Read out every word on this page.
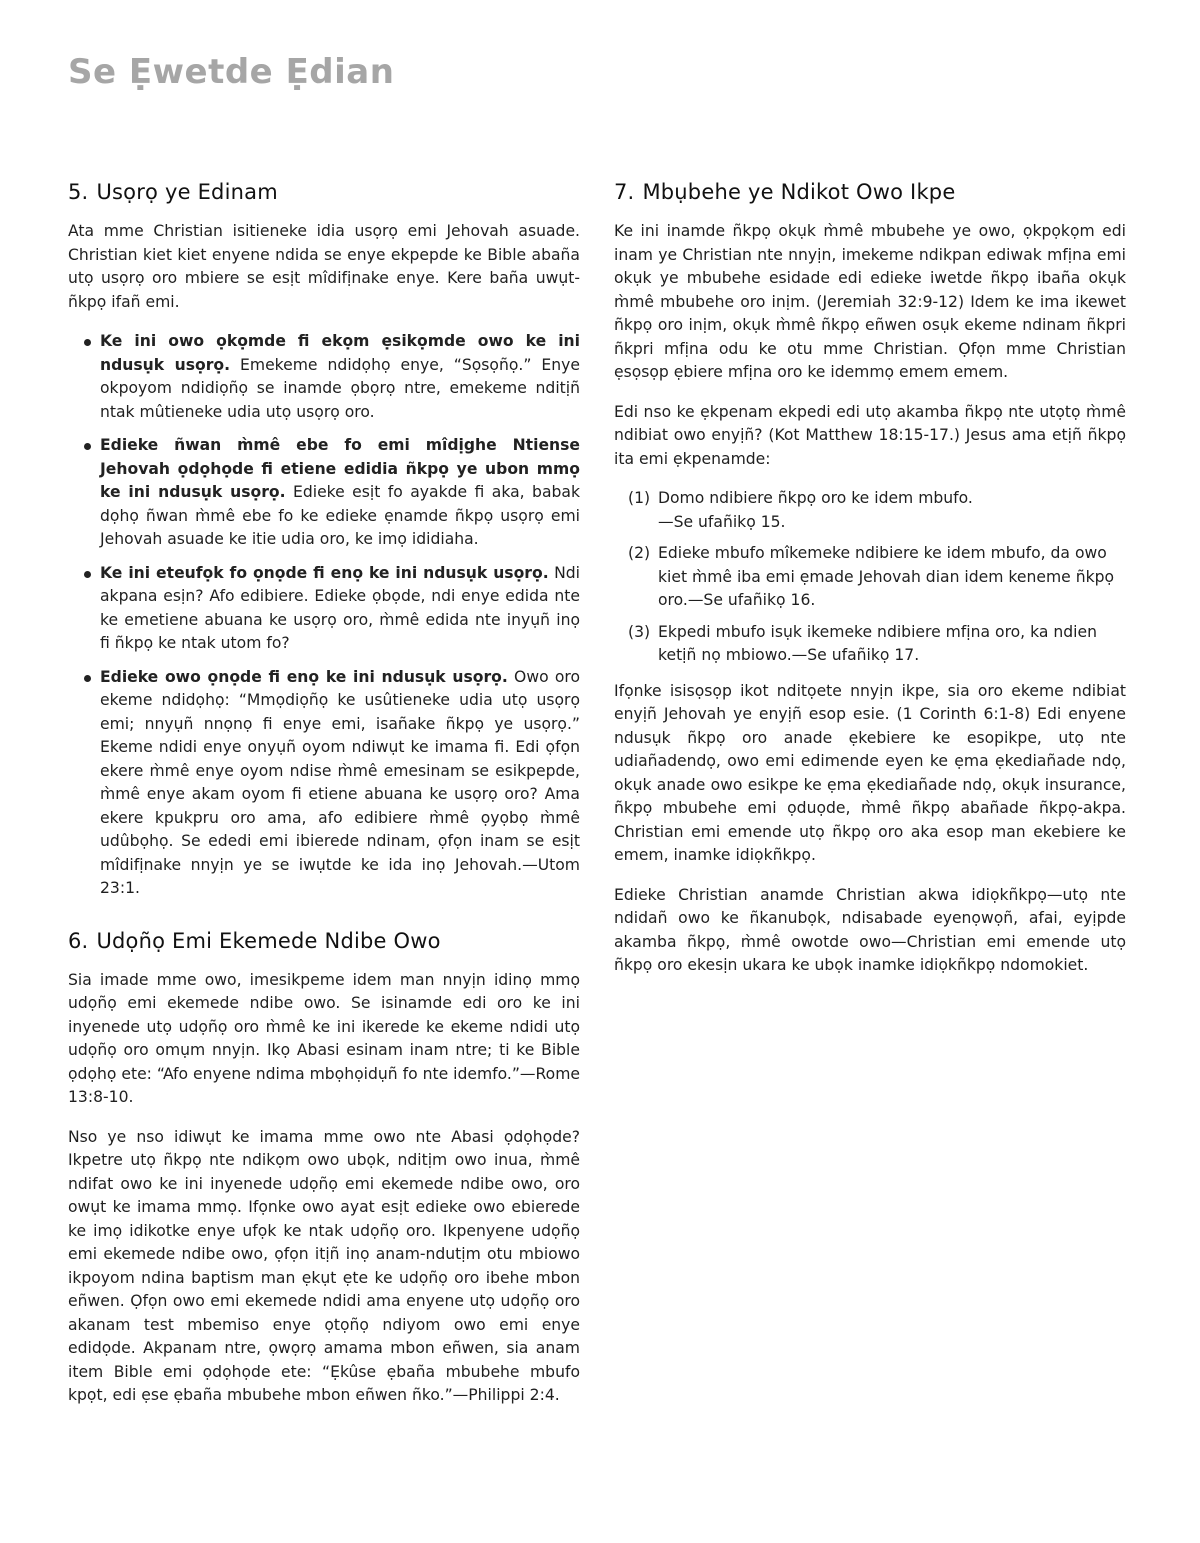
Se Ẹwetde Ẹdian
5. Usọrọ ye Edinam

Ata mme Christian isitieneke idia usọrọ emi Jehovah asuade. Christian kiet kiet enyene ndida se enye ekpepde ke Bible abaña utọ usọrọ oro mbiere se esịt mîdifịnake enye. Kere baña uwụt-ñkpọ ifañ emi.

Ke ini owo ọkọmde fi ekọm ẹsikọmde owo ke ini ndusụk usọrọ. Emekeme ndidọhọ enye, “Sọsọñọ.” Enye okpoyom ndidiọñọ se inamde ọbọrọ ntre, emekeme nditịñ ntak mûtieneke udia utọ usọrọ oro.
Edieke ñwan m̀mê ebe fo emi mîdịghe Ntiense Jehovah ọdọhọde fi etiene edidia ñkpọ ye ubon mmọ ke ini ndusụk usọrọ. Edieke esịt fo ayakde fi aka, babak dọhọ ñwan m̀mê ebe fo ke edieke ẹnamde ñkpọ usọrọ emi Jehovah asuade ke itie udia oro, ke imọ ididiaha.
Ke ini eteufọk fo ọnọde fi enọ ke ini ndusụk usọrọ. Ndi akpana esịn? Afo edibiere. Edieke ọbọde, ndi enye edida nte ke emetiene abuana ke usọrọ oro, m̀mê edida nte inyụñ inọ fi ñkpọ ke ntak utom fo?
Edieke owo ọnọde fi enọ ke ini ndusụk usọrọ. Owo oro ekeme ndidọhọ: “Mmọdiọñọ ke usûtieneke udia utọ usọrọ emi; nnyụñ nnọnọ fi enye emi, isañake ñkpọ ye usọrọ.” Ekeme ndidi enye onyụñ oyom ndiwụt ke imama fi. Edi ọfọn ekere m̀mê enye oyom ndise m̀mê emesinam se esikpepde, m̀mê enye akam oyom fi etiene abuana ke usọrọ oro? Ama ekere kpukpru oro ama, afo edibiere m̀mê ọyọbọ m̀mê udûbọhọ. Se ededi emi ibierede ndinam, ọfọn inam se esịt mîdifịnake nnyịn ye se iwụtde ke ida inọ Jehovah.—Utom 23:1.
6. Udọñọ Emi Ekemede Ndibe Owo

Sia imade mme owo, imesikpeme idem man nnyịn idinọ mmọ udọñọ emi ekemede ndibe owo. Se isinamde edi oro ke ini inyenede utọ udọñọ oro m̀mê ke ini ikerede ke ekeme ndidi utọ udọñọ oro omụm nnyịn. Ikọ Abasi esinam inam ntre; ti ke Bible ọdọhọ ete: “Afo enyene ndima mbọhọidụñ fo nte idemfo.”—Rome 13:8-10.

Nso ye nso idiwụt ke imama mme owo nte Abasi ọdọhọde? Ikpetre utọ ñkpọ nte ndikọm owo ubọk, nditịm owo inua, m̀mê ndifat owo ke ini inyenede udọñọ emi ekemede ndibe owo, oro owụt ke imama mmọ. Ifọnke owo ayat esịt edieke owo ebierede ke imọ idikotke enye ufọk ke ntak udọñọ oro. Ikpenyene udọñọ emi ekemede ndibe owo, ọfọn itịñ inọ anam-ndutịm otu mbiowo ikpoyom ndina baptism man ẹkụt ẹte ke udọñọ oro ibehe mbon eñwen. Ọfọn owo emi ekemede ndidi ama enyene utọ udọñọ oro akanam test mbemiso enye ọtọñọ ndiyom owo emi enye edidọde. Akpanam ntre, ọwọrọ amama mbon eñwen, sia anam item Bible emi ọdọhọde ete: “Ẹkûse ẹbaña mbubehe mbufo kpọt, edi ẹse ẹbaña mbubehe mbon eñwen ñko.”—Philippi 2:4.

7. Mbụbehe ye Ndikot Owo Ikpe

Ke ini inamde ñkpọ okụk m̀mê mbubehe ye owo, ọkpọkọm edi inam ye Christian nte nnyịn, imekeme ndikpan ediwak mfịna emi okụk ye mbubehe esidade edi edieke iwetde ñkpọ ibaña okụk m̀mê mbubehe oro inịm. (Jeremiah 32:9-12) Idem ke ima ikewet ñkpọ oro inịm, okụk m̀mê ñkpọ eñwen osụk ekeme ndinam ñkpri ñkpri mfịna odu ke otu mme Christian. Ọfọn mme Christian ẹsọsọp ẹbiere mfịna oro ke idemmọ emem emem.

Edi nso ke ẹkpenam ekpedi edi utọ akamba ñkpọ nte utọtọ m̀mê ndibiat owo enyịñ? (Kot Matthew 18:15-17.) Jesus ama etịñ ñkpọ ita emi ẹkpenamde:

(1) Domo ndibiere ñkpọ oro ke idem mbufo.
—Se ufañikọ 15.
(2) Edieke mbufo mîkemeke ndibiere ke idem mbufo, da owo kiet m̀mê iba emi ẹmade Jehovah dian idem keneme ñkpọ oro.—Se ufañikọ 16.
(3) Ekpedi mbufo isụk ikemeke ndibiere mfịna oro, ka ndien ketịñ nọ mbiowo.—Se ufañikọ 17.

Ifọnke isisọsọp ikot nditọete nnyịn ikpe, sia oro ekeme ndibiat enyịñ Jehovah ye enyịñ esop esie. (1 Corinth 6:1-8) Edi enyene ndusụk ñkpọ oro anade ẹkebiere ke esopikpe, utọ nte udiañadendọ, owo emi edimende eyen ke ẹma ẹkediañade ndọ, okụk anade owo esikpe ke ẹma ẹkediañade ndọ, okụk insurance, ñkpọ mbubehe emi ọduọde, m̀mê ñkpọ abañade ñkpọ-akpa. Christian emi emende utọ ñkpọ oro aka esop man ekebiere ke emem, inamke idiọkñkpọ.

Edieke Christian anamde Christian akwa idiọkñkpọ—utọ nte ndidañ owo ke ñkanubọk, ndisabade eyenọwọñ, afai, eyịpde akamba ñkpọ, m̀mê owotde owo—Christian emi emende utọ ñkpọ oro ekesịn ukara ke ubọk inamke idiọkñkpọ ndomokiet.
